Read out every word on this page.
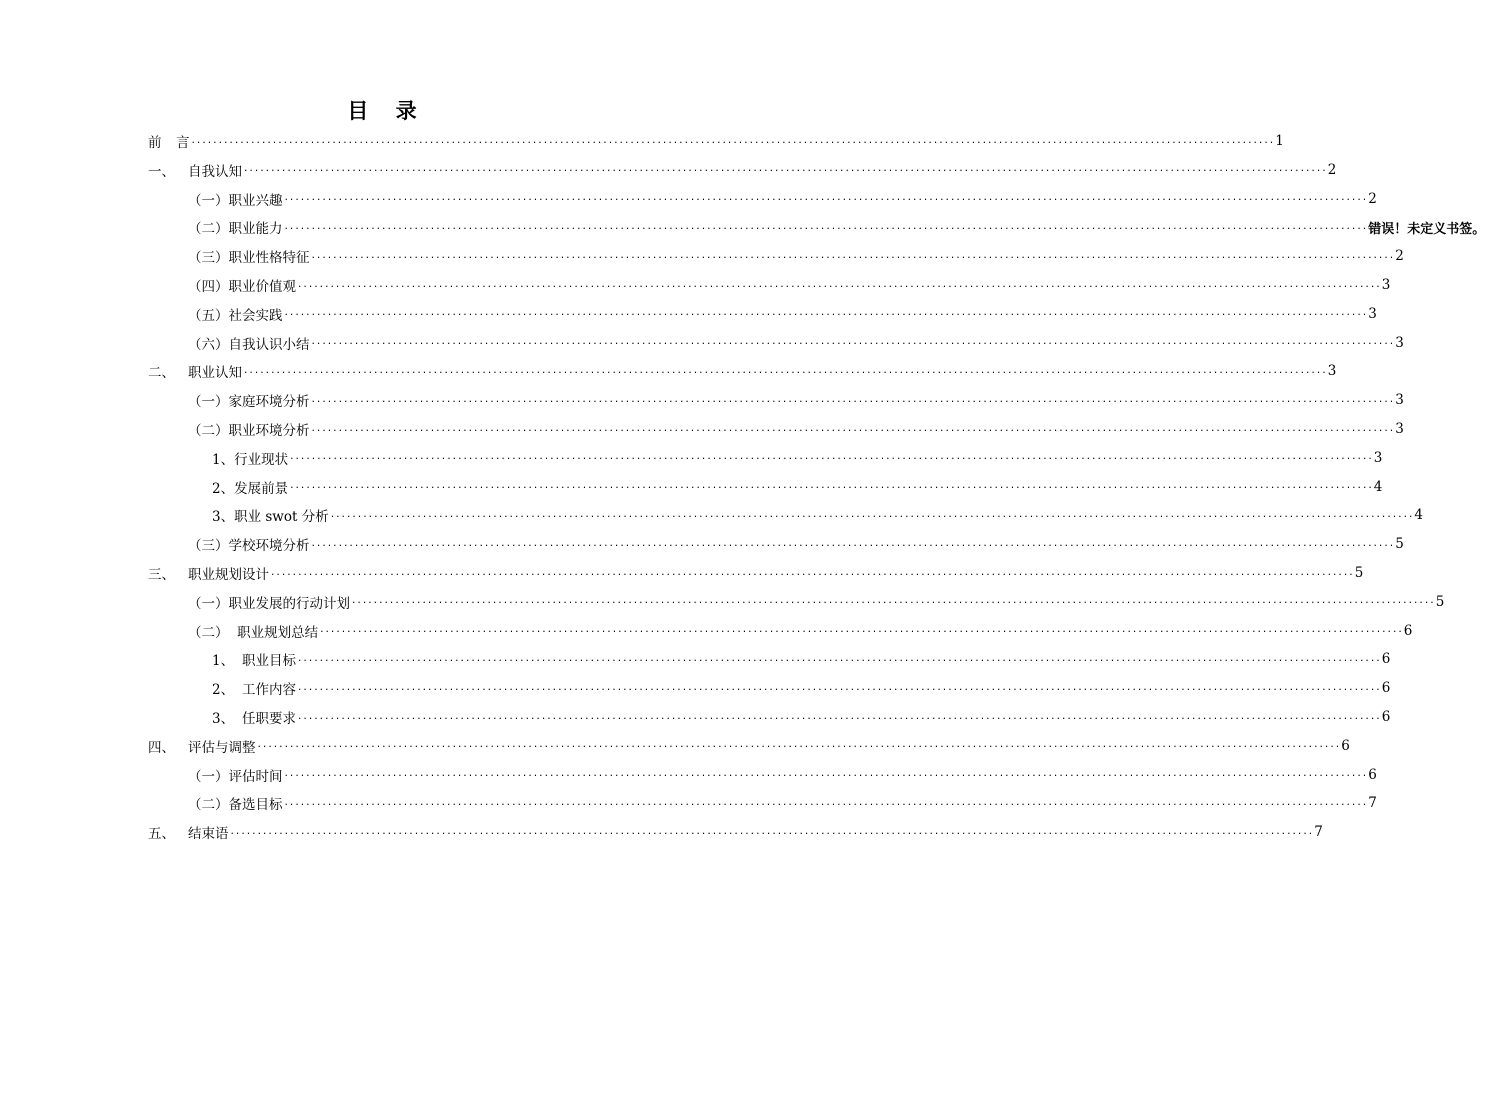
目 录
前	言 ........................................................................................................................................................................................................ 1
一、 自我认知 ........................................................................................................................................................................................................ 2
（一）职业兴趣 ........................................................................................................................................................................................................ 2
（二）职业能力 ........................................................................................................................................................................................................ 错误！未定义书签。
（三）职业性格特征 ........................................................................................................................................................................................................ 2
（四）职业价值观 ........................................................................................................................................................................................................ 3
（五）社会实践 ........................................................................................................................................................................................................ 3
（六）自我认识小结 ........................................................................................................................................................................................................ 3
二、 职业认知 ........................................................................................................................................................................................................ 3
（一）家庭环境分析 ........................................................................................................................................................................................................ 3
（二）职业环境分析 ........................................................................................................................................................................................................ 3
1、行业现状 ........................................................................................................................................................................................................ 3
2、发展前景 ........................................................................................................................................................................................................ 4
3、职业 swot 分析 ........................................................................................................................................................................................................ 4
（三）学校环境分析 ........................................................................................................................................................................................................ 5
三、 职业规划设计 ........................................................................................................................................................................................................ 5
（一）职业发展的行动计划 ........................................................................................................................................................................................................ 5
（二）  职业规划总结 ........................................................................................................................................................................................................ 6
1、 职业目标 ........................................................................................................................................................................................................ 6
2、 工作内容 ........................................................................................................................................................................................................ 6
3、 任职要求 ........................................................................................................................................................................................................ 6
四、 评估与调整 ........................................................................................................................................................................................................ 6
（一）评估时间 ........................................................................................................................................................................................................ 6
（二）备选目标 ........................................................................................................................................................................................................ 7
五、 结束语 ........................................................................................................................................................................................................ 7
